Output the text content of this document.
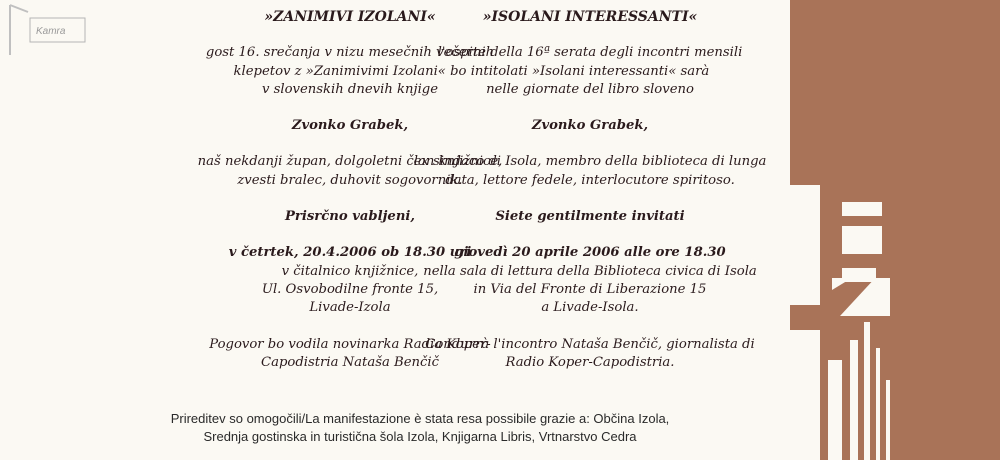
Kamra
»ZANIMIVI IZOLANI«
gost 16. srečanja v nizu mesečnih večernih
klepetov z »Zanimivimi Izolani« bo
v slovenskih dnevih knjige
Zvonko Grabek,
naš nekdanji župan, dolgoletni član knjižnice,
zvesti bralec, duhovit sogovornik.
Prisrčno vabljeni,
v četrtek, 20.4.2006 ob 18.30 uri
v čitalnico knjižnice,
Ul. Osvobodilne fronte 15,
Livade-Izola
Pogovor bo vodila novinarka Radia Koper-
Capodistria Nataša Benčič
»ISOLANI INTERESSANTI«
l'ospite della 16ª serata degli incontri mensili
intitolati »Isolani interessanti« sarà
nelle giornate del libro sloveno
Zvonko Grabek,
ex sindaco di Isola, membro della biblioteca di lunga
data, lettore fedele, interlocutore spiritoso.
Siete gentilmente invitati
giovedì 20 aprile 2006 alle ore 18.30
nella sala di lettura della Biblioteca civica di Isola
in Via del Fronte di Liberazione 15
a Livade-Isola.
Condurrà l'incontro Nataša Benčič, giornalista di
Radio Koper-Capodistria.
Prireditev so omogočili/La manifestazione è stata resa possibile grazie a: Občina Izola,
Srednja gostinska in turistična šola Izola, Knjigarna Libris, Vrtnarstvo Cedra
KI
